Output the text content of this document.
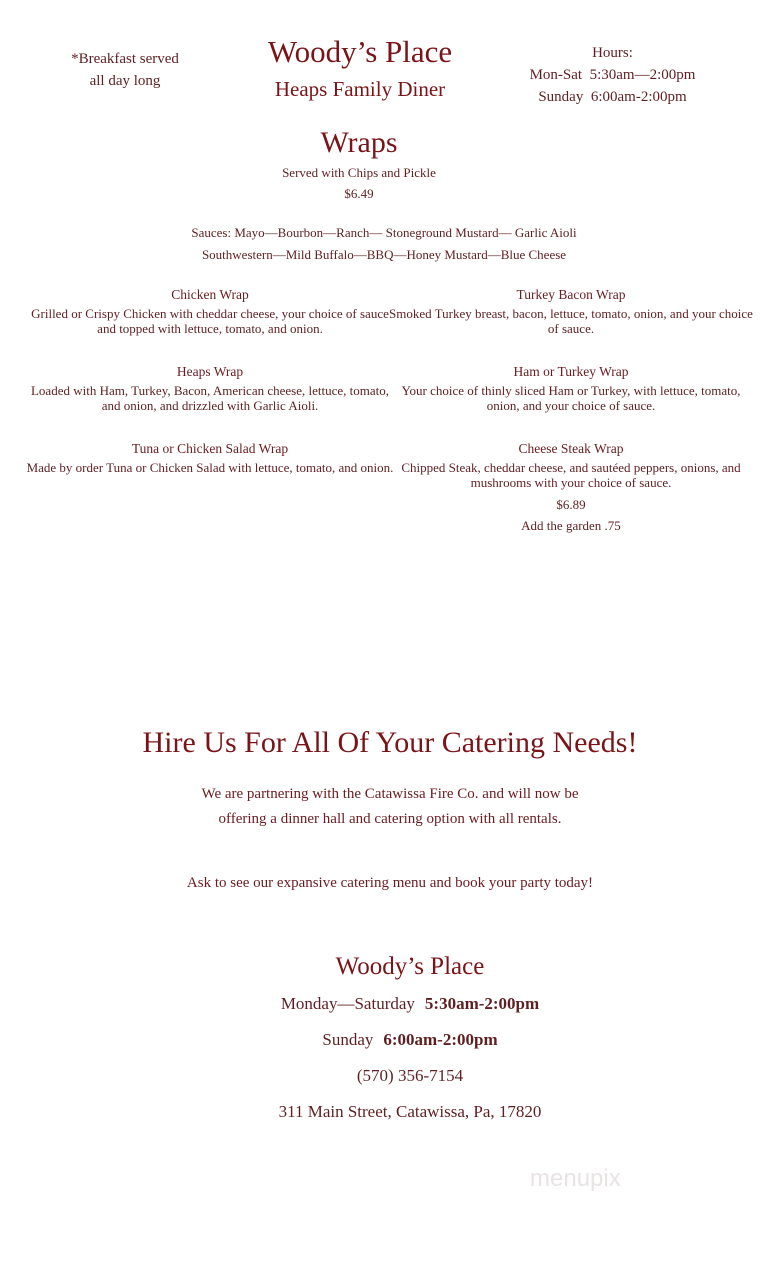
*Breakfast served
all day long
Woody’s Place
Heaps Family Diner
Hours:
Mon-Sat 5:30am—2:00pm
Sunday 6:00am-2:00pm
Wraps
Served with Chips and Pickle
$6.49
Sauces: Mayo—Bourbon—Ranch— Stoneground Mustard— Garlic Aioli
Southwestern—Mild Buffalo—BBQ—Honey Mustard—Blue Cheese
Chicken Wrap
Grilled or Crispy Chicken with cheddar cheese, your choice of sauce and topped with lettuce, tomato, and onion.
Turkey Bacon Wrap
Smoked Turkey breast, bacon, lettuce, tomato, onion, and your choice of sauce.
Heaps Wrap
Loaded with Ham, Turkey, Bacon, American cheese, lettuce, tomato, and onion, and drizzled with Garlic Aioli.
Ham or Turkey Wrap
Your choice of thinly sliced Ham or Turkey, with lettuce, tomato, onion, and your choice of sauce.
Tuna or Chicken Salad Wrap
Made by order Tuna or Chicken Salad with lettuce, tomato, and onion.
Cheese Steak Wrap
Chipped Steak, cheddar cheese, and sautéed peppers, onions, and mushrooms with your choice of sauce.
$6.89
Add the garden .75
Hire Us For All Of Your Catering Needs!
We are partnering with the Catawissa Fire Co. and will now be
offering a dinner hall and catering option with all rentals.
Ask to see our expansive catering menu and book your party today!
Woody’s Place
Monday—Saturday 5:30am-2:00pm
Sunday 6:00am-2:00pm
(570) 356-7154
311 Main Street, Catawissa, Pa, 17820
menupix
